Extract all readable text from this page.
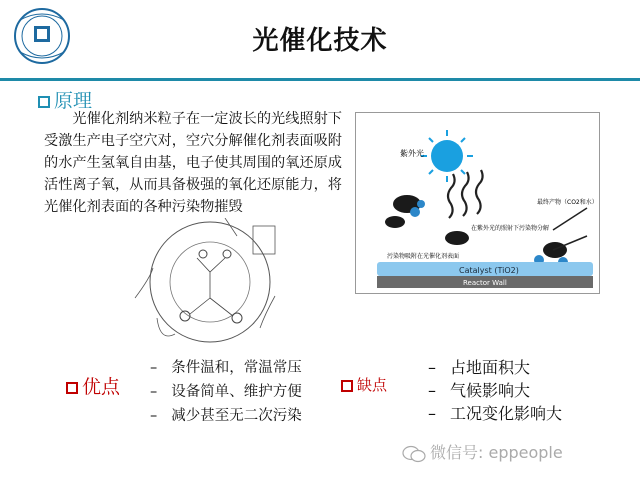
光催化技术
原理
光催化剂纳米粒子在一定波长的光线照射下受激生产电子空穴对，空穴分解催化剂表面吸附的水产生氢氧自由基，电子使其周围的氧还原成活性离子氧，从而具备极强的氧化还原能力，将光催化剂表面的各种污染物摧毁
紫外光
在紫外光的照射下污染物分解
污染物吸附在光催化剂表面
最终产物（CO2和水）
Catalyst (TiO2)
Reactor Wall
优点
– 条件温和，常温常压
– 设备简单、维护方便
– 减少甚至无二次污染
缺点
– 占地面积大
– 气候影响大
– 工况变化影响大
微信号: eppeople
